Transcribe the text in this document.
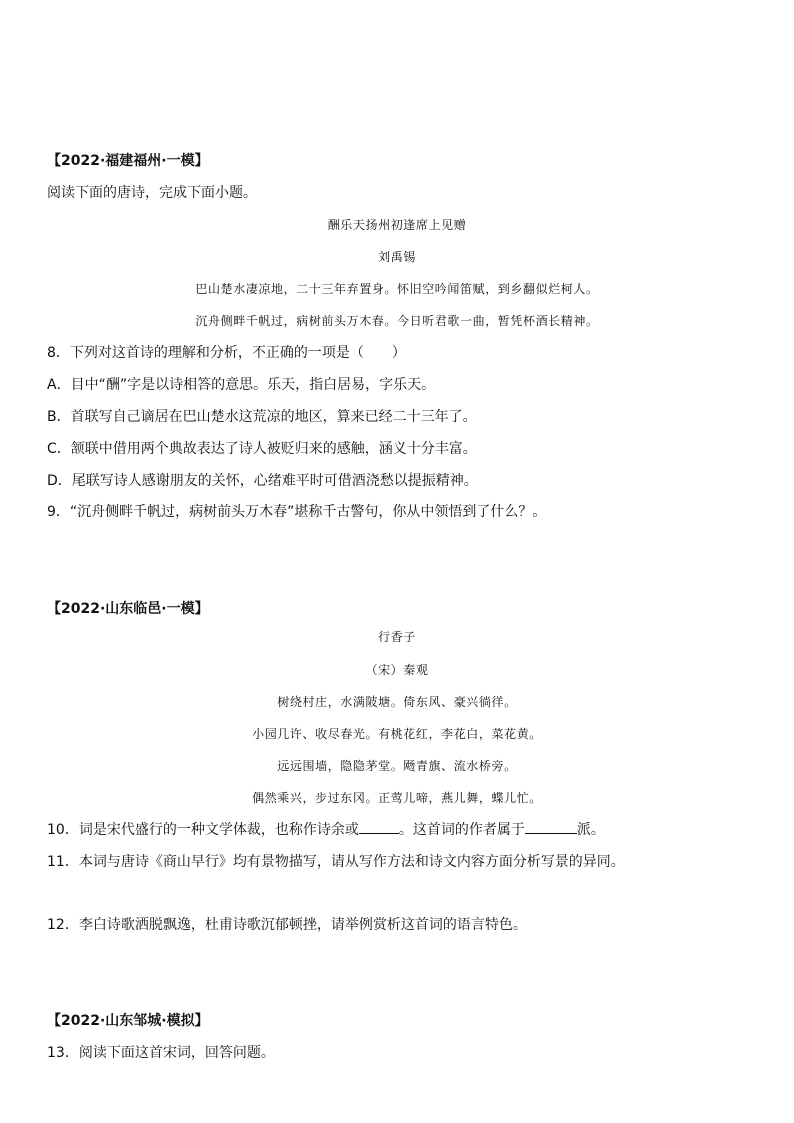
【2022·福建福州·一模】
阅读下面的唐诗，完成下面小题。
酬乐天扬州初逢席上见赠
刘禹锡
巴山楚水凄凉地，二十三年弃置身。怀旧空吟闻笛赋，到乡翻似烂柯人。
沉舟侧畔千帆过，病树前头万木春。今日听君歌一曲，暂凭杯酒长精神。
8．下列对这首诗的理解和分析，不正确的一项是（　　）
A．目中“酬”字是以诗相答的意思。乐天，指白居易，字乐天。
B．首联写自己谪居在巴山楚水这荒凉的地区，算来已经二十三年了。
C．颔联中借用两个典故表达了诗人被贬归来的感触，涵义十分丰富。
D．尾联写诗人感谢朋友的关怀，心绪难平时可借酒浇愁以提振精神。
9．“沉舟侧畔千帆过，病树前头万木春”堪称千古警句，你从中领悟到了什么？。
【2022·山东临邑·一模】
行香子
（宋）秦观
树绕村庄，水满陂塘。倚东风、豪兴徜徉。
小园几许、收尽春光。有桃花红，李花白，菜花黄。
远远围墙，隐隐茅堂。飏青旗、流水桥旁。
偶然乘兴，步过东冈。正莺儿啼，燕儿舞，蝶儿忙。
10．词是宋代盛行的一种文学体裁，也称作诗余或	。这首词的作者属于	派。
11．本词与唐诗《商山早行》均有景物描写，请从写作方法和诗文内容方面分析写景的异同。
12．李白诗歌洒脱飘逸，杜甫诗歌沉郁顿挫，请举例赏析这首词的语言特色。
【2022·山东邹城·模拟】
13．阅读下面这首宋词，回答问题。
